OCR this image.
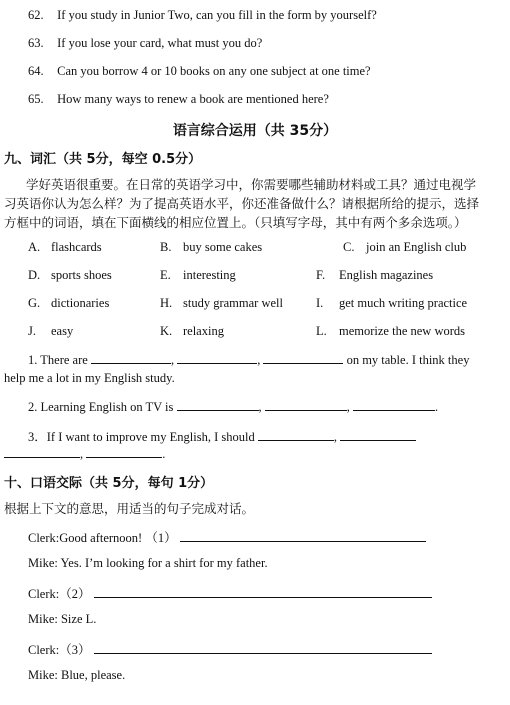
62. If you study in Junior Two, can you fill in the form by yourself?
63. If you lose your card, what must you do?
64. Can you borrow 4 or 10 books on any one subject at one time?
65. How many ways to renew a book are mentioned here?
语言综合运用（共 35分）
九、词汇（共 5分，每空 0.5分）
学好英语很重要。在日常的英语学习中，你需要哪些辅助材料或工具？通过电视学
习英语你认为怎么样？为了提高英语水平，你还准备做什么？请根据所给的提示，选择
方框中的词语，填在下面横线的相应位置上。（只填写字母，其中有两个多余选项。）
A. flashcards	B. buy some cakes	C. join an English club
D. sports shoes	E. interesting	F. English magazines
G. dictionaries	H. study grammar well	I. get much writing practice
J. easy	K. relaxing	L. memorize the new words
1. There are	,	,	on my table. I think they
help me a lot in my English study.
2. Learning English on TV is	,	,	.
3．If I want to improve my English, I should	,
,	.
十、口语交际（共 5分，每句 1分）
根据上下文的意思，用适当的句子完成对话。
Clerk:Good afternoon! （1）
Mike: Yes. I’m looking for a shirt for my father.
Clerk:（2）
Mike: Size L.
Clerk:（3）
Mike: Blue, please.
